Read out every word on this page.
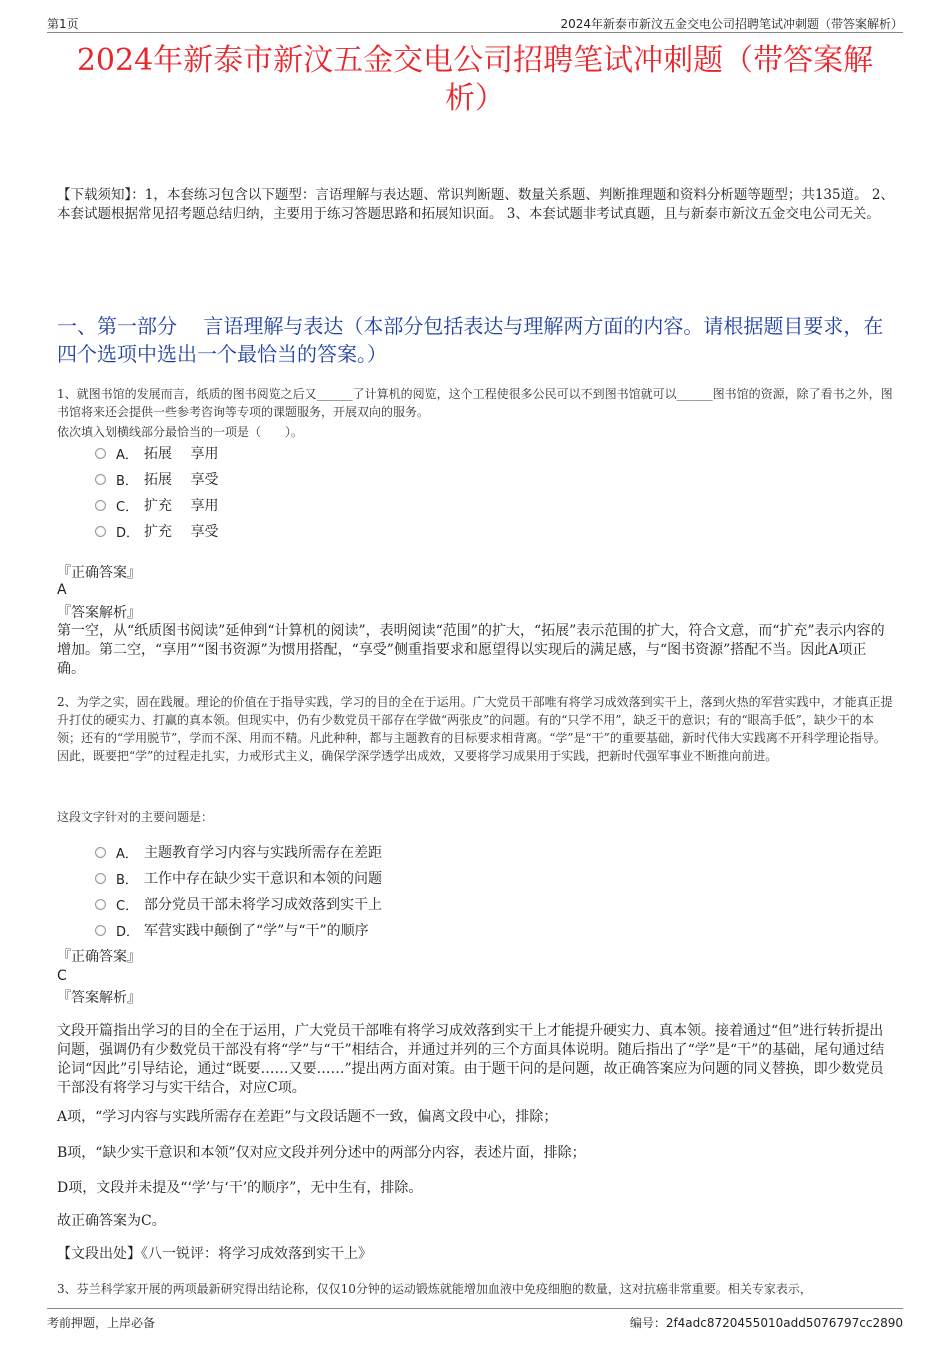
第1页	2024年新泰市新汶五金交电公司招聘笔试冲刺题（带答案解析）
2024年新泰市新汶五金交电公司招聘笔试冲刺题（带答案解析）
【下载须知】：1，本套练习包含以下题型：言语理解与表达题、常识判断题、数量关系题、判断推理题和资料分析题等题型；共135道。 2、本套试题根据常见招考题总结归纳，主要用于练习答题思路和拓展知识面。 3、本套试题非考试真题，且与新泰市新汶五金交电公司无关。
一、第一部分　 言语理解与表达（本部分包括表达与理解两方面的内容。请根据题目要求，在四个选项中选出一个最恰当的答案。）
1、就图书馆的发展而言，纸质的图书阅览之后又______了计算机的阅览，这个工程使很多公民可以不到图书馆就可以______图书馆的资源，除了看书之外，图书馆将来还会提供一些参考咨询等专项的课题服务，开展双向的服务。
依次填入划横线部分最恰当的一项是（　　）。
A． 拓展　 享用
B． 拓展　 享受
C． 扩充　 享用
D． 扩充　 享受
『正确答案』
A
『答案解析』
第一空，从“纸质图书阅读”延伸到“计算机的阅读”，表明阅读“范围”的扩大，“拓展”表示范围的扩大，符合文意，而“扩充”表示内容的增加。第二空，“享用”“图书资源”为惯用搭配，“享受”侧重指要求和愿望得以实现后的满足感，与“图书资源”搭配不当。因此A项正确。
2、为学之实，固在践履。理论的价值在于指导实践，学习的目的全在于运用。广大党员干部唯有将学习成效落到实干上，落到火热的军营实践中，才能真正提升打仗的硬实力、打赢的真本领。但现实中，仍有少数党员干部存在学做“两张皮”的问题。有的“只学不用”，缺乏干的意识；有的“眼高手低”，缺少干的本领；还有的“学用脱节”，学而不深、用而不精。凡此种种，都与主题教育的目标要求相背离。“学”是“干”的重要基础，新时代伟大实践离不开科学理论指导。因此，既要把“学”的过程走扎实，力戒形式主义，确保学深学透学出成效，又要将学习成果用于实践，把新时代强军事业不断推向前进。
这段文字针对的主要问题是：
A． 主题教育学习内容与实践所需存在差距
B． 工作中存在缺少实干意识和本领的问题
C． 部分党员干部未将学习成效落到实干上
D． 军营实践中颠倒了“学”与“干”的顺序
『正确答案』
C
『答案解析』
文段开篇指出学习的目的全在于运用，广大党员干部唯有将学习成效落到实干上才能提升硬实力、真本领。接着通过“但”进行转折提出问题，强调仍有少数党员干部没有将“学”与“干”相结合，并通过并列的三个方面具体说明。随后指出了“学”是“干”的基础，尾句通过结论词“因此”引导结论，通过“既要……又要……”提出两方面对策。由于题干问的是问题，故正确答案应为问题的同义替换，即少数党员干部没有将学习与实干结合，对应C项。
A项，“学习内容与实践所需存在差距”与文段话题不一致，偏离文段中心，排除；
B项，“缺少实干意识和本领”仅对应文段并列分述中的两部分内容，表述片面，排除；
D项，文段并未提及“‘学’与‘干’的顺序”，无中生有，排除。
故正确答案为C。
【文段出处】《八一锐评：将学习成效落到实干上》
3、芬兰科学家开展的两项最新研究得出结论称，仅仅10分钟的运动锻炼就能增加血液中免疫细胞的数量，这对抗癌非常重要。相关专家表示，
考前押题，上岸必备	编号：2f4adc8720455010add5076797cc2890
